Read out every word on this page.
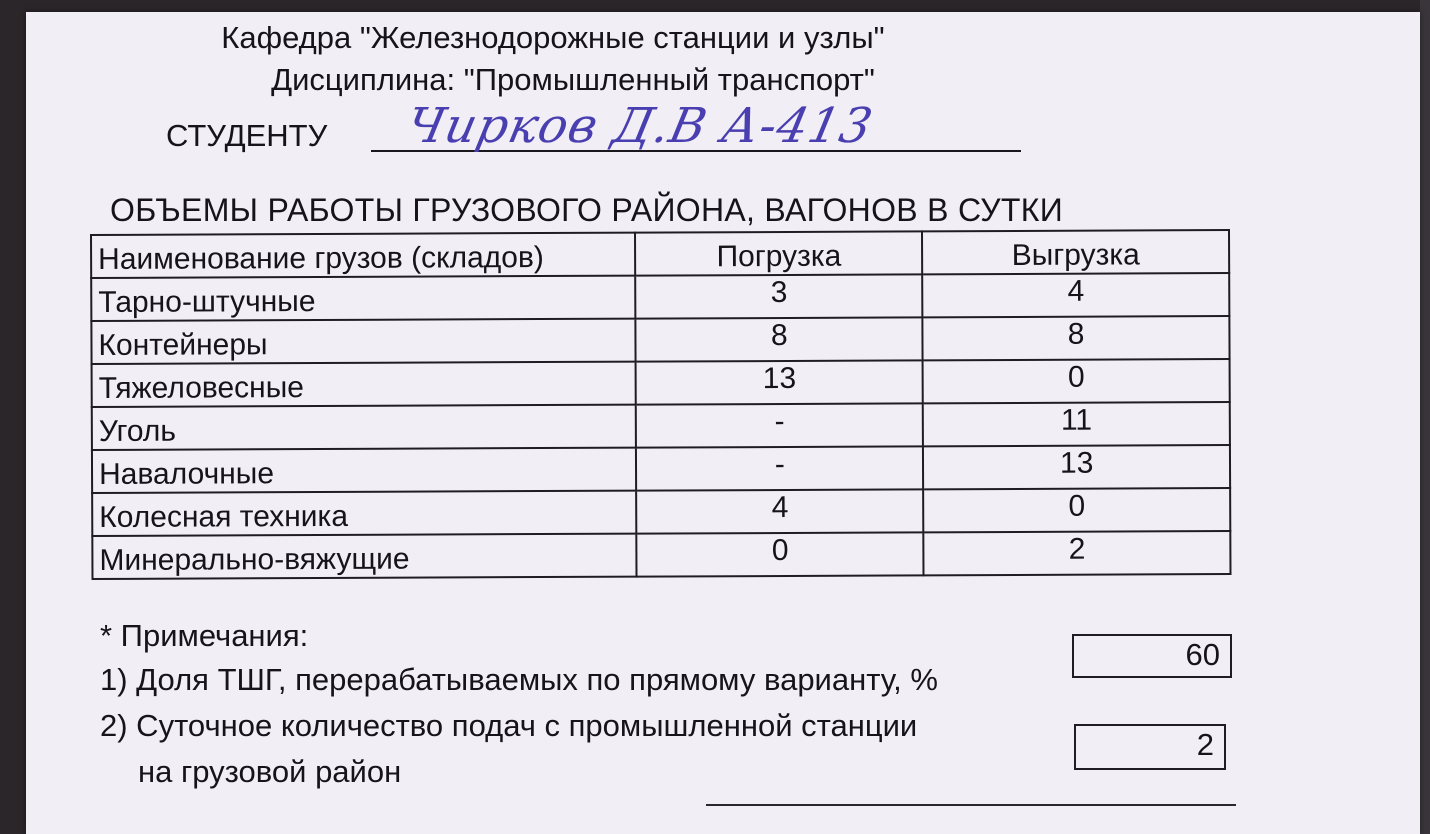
Кафедра "Железнодорожные станции и узлы"
Дисциплина: "Промышленный транспорт"
СТУДЕНТУ Чирков Д.В А-413

ОБЪЕМЫ РАБОТЫ ГРУЗОВОГО РАЙОНА, ВАГОНОВ В СУТКИ
Наименование грузов (складов)	Погрузка	Выгрузка
Тарно-штучные	3	4
Контейнеры	8	8
Тяжеловесные	13	0
Уголь	-	11
Навалочные	-	13
Колесная техника	4	0
Минерально-вяжущие	0	2
* Примечания:
1) Доля ТШГ, перерабатываемых по прямому варианту, %
60
2) Суточное количество подач с промышленной станции
на грузовой район
2
